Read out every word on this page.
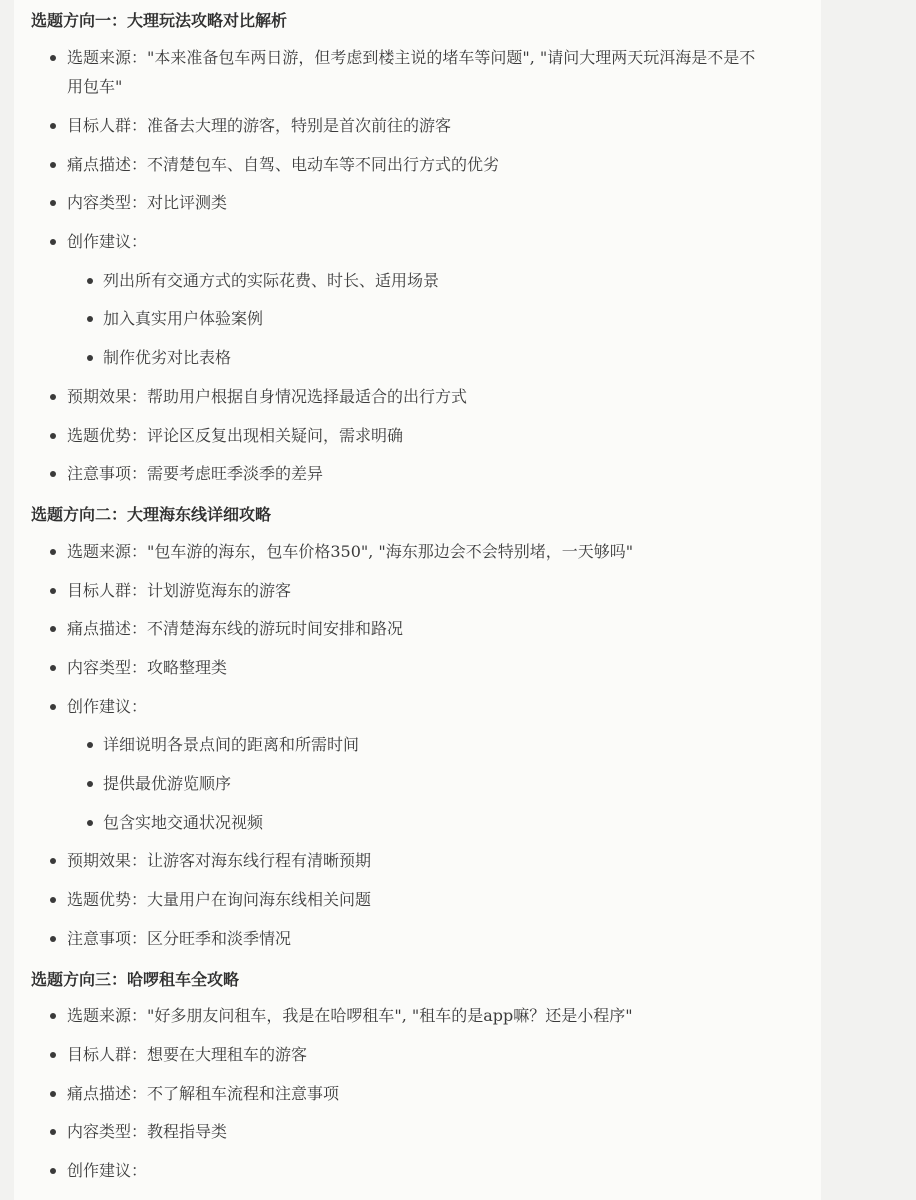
选题方向一：大理玩法攻略对比解析
选题来源："本来准备包车两日游，但考虑到楼主说的堵车等问题", "请问大理两天玩洱海是不是不用包车"
目标人群：准备去大理的游客，特别是首次前往的游客
痛点描述：不清楚包车、自驾、电动车等不同出行方式的优劣
内容类型：对比评测类
创作建议：
列出所有交通方式的实际花费、时长、适用场景
加入真实用户体验案例
制作优劣对比表格
预期效果：帮助用户根据自身情况选择最适合的出行方式
选题优势：评论区反复出现相关疑问，需求明确
注意事项：需要考虑旺季淡季的差异
选题方向二：大理海东线详细攻略
选题来源："包车游的海东，包车价格350", "海东那边会不会特别堵，一天够吗"
目标人群：计划游览海东的游客
痛点描述：不清楚海东线的游玩时间安排和路况
内容类型：攻略整理类
创作建议：
详细说明各景点间的距离和所需时间
提供最优游览顺序
包含实地交通状况视频
预期效果：让游客对海东线行程有清晰预期
选题优势：大量用户在询问海东线相关问题
注意事项：区分旺季和淡季情况
选题方向三：哈啰租车全攻略
选题来源："好多朋友问租车，我是在哈啰租车", "租车的是app嘛？还是小程序"
目标人群：想要在大理租车的游客
痛点描述：不了解租车流程和注意事项
内容类型：教程指导类
创作建议：
